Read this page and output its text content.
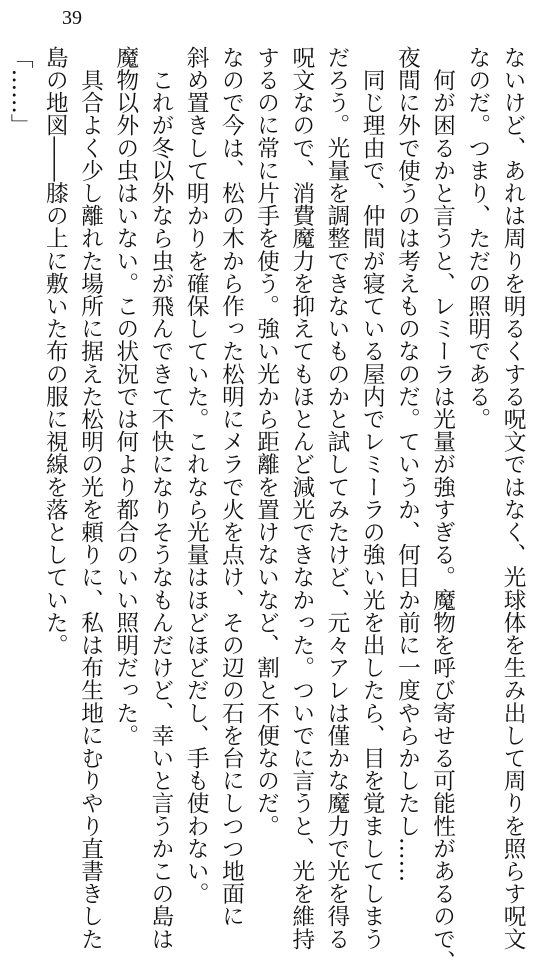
39
ないけど、あれは周りを明るくする呪文ではなく、光球体を生み出して周りを照らす呪文
なのだ。つまり、ただの照明である。
　何が困るかと言うと、レミーラは光量が強すぎる。魔物を呼び寄せる可能性があるので、
夜間に外で使うのは考えものなのだ。ていうか、何日か前に一度やらかしたし……
　同じ理由で、仲間が寝ている屋内でレミーラの強い光を出したら、目を覚ましてしまう
だろう。光量を調整できないものかと試してみたけど、元々アレは僅かな魔力で光を得る
呪文なので、消費魔力を抑えてもほとんど減光できなかった。ついでに言うと、光を維持
するのに常に片手を使う。強い光から距離を置けないなど、割と不便なのだ。
なので今は、松の木から作った松明にメラで火を点け、その辺の石を台にしつつ地面に
斜め置きして明かりを確保していた。これなら光量はほどほどだし、手も使わない。
　これが冬以外なら虫が飛んできて不快になりそうなもんだけど、幸いと言うかこの島は
魔物以外の虫はいない。この状況では何より都合のいい照明だった。
　具合よく少し離れた場所に据えた松明の光を頼りに、私は布生地にむりやり直書きした
島の地図――膝の上に敷いた布の服に視線を落としていた。
「……」
